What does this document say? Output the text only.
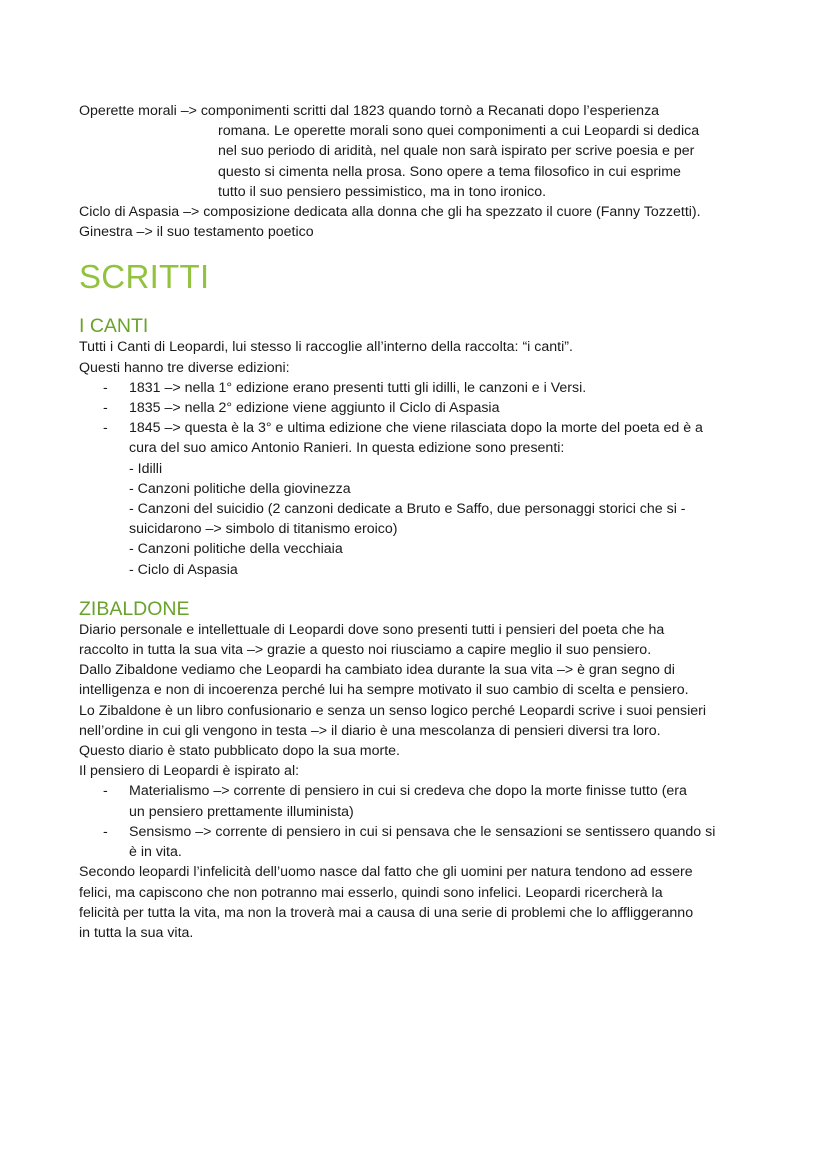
Operette morali –> componimenti scritti dal 1823 quando tornò a Recanati dopo l’esperienza

romana. Le operette morali sono quei componimenti a cui Leopardi si dedica

nel suo periodo di aridità, nel quale non sarà ispirato per scrive poesia e per

questo si cimenta nella prosa. Sono opere a tema filosofico in cui esprime

tutto il suo pensiero pessimistico, ma in tono ironico.

Ciclo di Aspasia –> composizione dedicata alla donna che gli ha spezzato il cuore (Fanny Tozzetti).

Ginestra –> il suo testamento poetico

SCRITTI
I CANTI

Tutti i Canti di Leopardi, lui stesso li raccoglie all’interno della raccolta: “i canti”.

Questi hanno tre diverse edizioni:

- 1831 –> nella 1° edizione erano presenti tutti gli idilli, le canzoni e i Versi.
- 1835 –> nella 2° edizione viene aggiunto il Ciclo di Aspasia
- 1845 –> questa è la 3° e ultima edizione che viene rilasciata dopo la morte del poeta ed è a
cura del suo amico Antonio Ranieri. In questa edizione sono presenti:
- Idilli
- Canzoni politiche della giovinezza
- Canzoni del suicidio (2 canzoni dedicate a Bruto e Saffo, due personaggi storici che si -
suicidarono –> simbolo di titanismo eroico)
- Canzoni politiche della vecchiaia
- Ciclo di Aspasia
ZIBALDONE

Diario personale e intellettuale di Leopardi dove sono presenti tutti i pensieri del poeta che ha

raccolto in tutta la sua vita –> grazie a questo noi riusciamo a capire meglio il suo pensiero.

Dallo Zibaldone vediamo che Leopardi ha cambiato idea durante la sua vita –> è gran segno di

intelligenza e non di incoerenza perché lui ha sempre motivato il suo cambio di scelta e pensiero.

Lo Zibaldone è un libro confusionario e senza un senso logico perché Leopardi scrive i suoi pensieri

nell’ordine in cui gli vengono in testa –> il diario è una mescolanza di pensieri diversi tra loro.

Questo diario è stato pubblicato dopo la sua morte.

Il pensiero di Leopardi è ispirato al:

- Materialismo –> corrente di pensiero in cui si credeva che dopo la morte finisse tutto (era
un pensiero prettamente illuminista)
- Sensismo –> corrente di pensiero in cui si pensava che le sensazioni se sentissero quando si
è in vita.

Secondo leopardi l’infelicità dell’uomo nasce dal fatto che gli uomini per natura tendono ad essere

felici, ma capiscono che non potranno mai esserlo, quindi sono infelici. Leopardi ricercherà la

felicità per tutta la vita, ma non la troverà mai a causa di una serie di problemi che lo affliggeranno

in tutta la sua vita.
